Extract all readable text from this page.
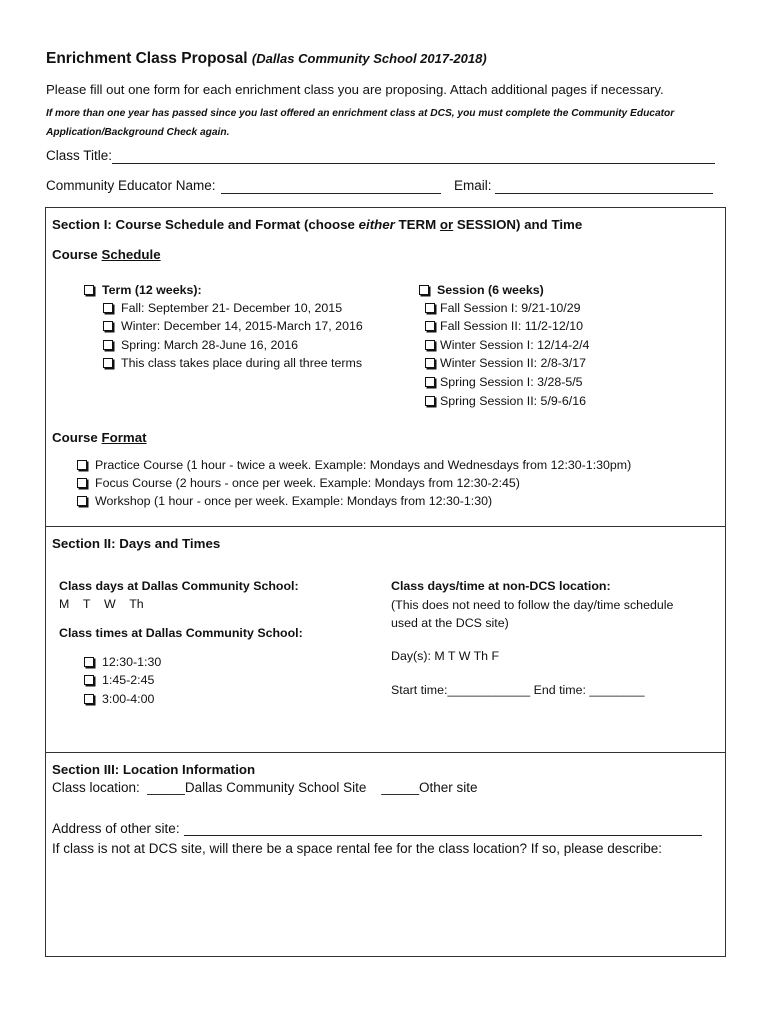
Enrichment Class Proposal (Dallas Community School 2017-2018)
Please fill out one form for each enrichment class you are proposing. Attach additional pages if necessary.
If more than one year has passed since you last offered an enrichment class at DCS, you must complete the Community Educator Application/Background Check again.
Class Title:
Community Educator Name:	Email:
Section I: Course Schedule and Format (choose either TERM or SESSION) and Time
Course Schedule
Term (12 weeks):
Fall: September 21- December 10, 2015
Winter: December 14, 2015-March 17, 2016
Spring: March 28-June 16, 2016
This class takes place during all three terms
Session (6 weeks)
Fall Session I: 9/21-10/29
Fall Session II: 11/2-12/10
Winter Session I: 12/14-2/4
Winter Session II: 2/8-3/17
Spring Session I: 3/28-5/5
Spring Session II: 5/9-6/16
Course Format
Practice Course (1 hour - twice a week. Example: Mondays and Wednesdays from 12:30-1:30pm)
Focus Course (2 hours - once per week. Example: Mondays from 12:30-2:45)
Workshop (1 hour - once per week. Example: Mondays from 12:30-1:30)
Section II: Days and Times
Class days at Dallas Community School:
M    T    W    Th
Class times at Dallas Community School:
12:30-1:30
1:45-2:45
3:00-4:00
Class days/time at non-DCS location:
(This does not need to follow the day/time schedule used at the DCS site)
Day(s): M T W Th F
Start time:____________ End time: ________
Section III: Location Information
Class location:  _____Dallas Community School Site    _____Other site
Address of other site:
If class is not at DCS site, will there be a space rental fee for the class location? If so, please describe:
